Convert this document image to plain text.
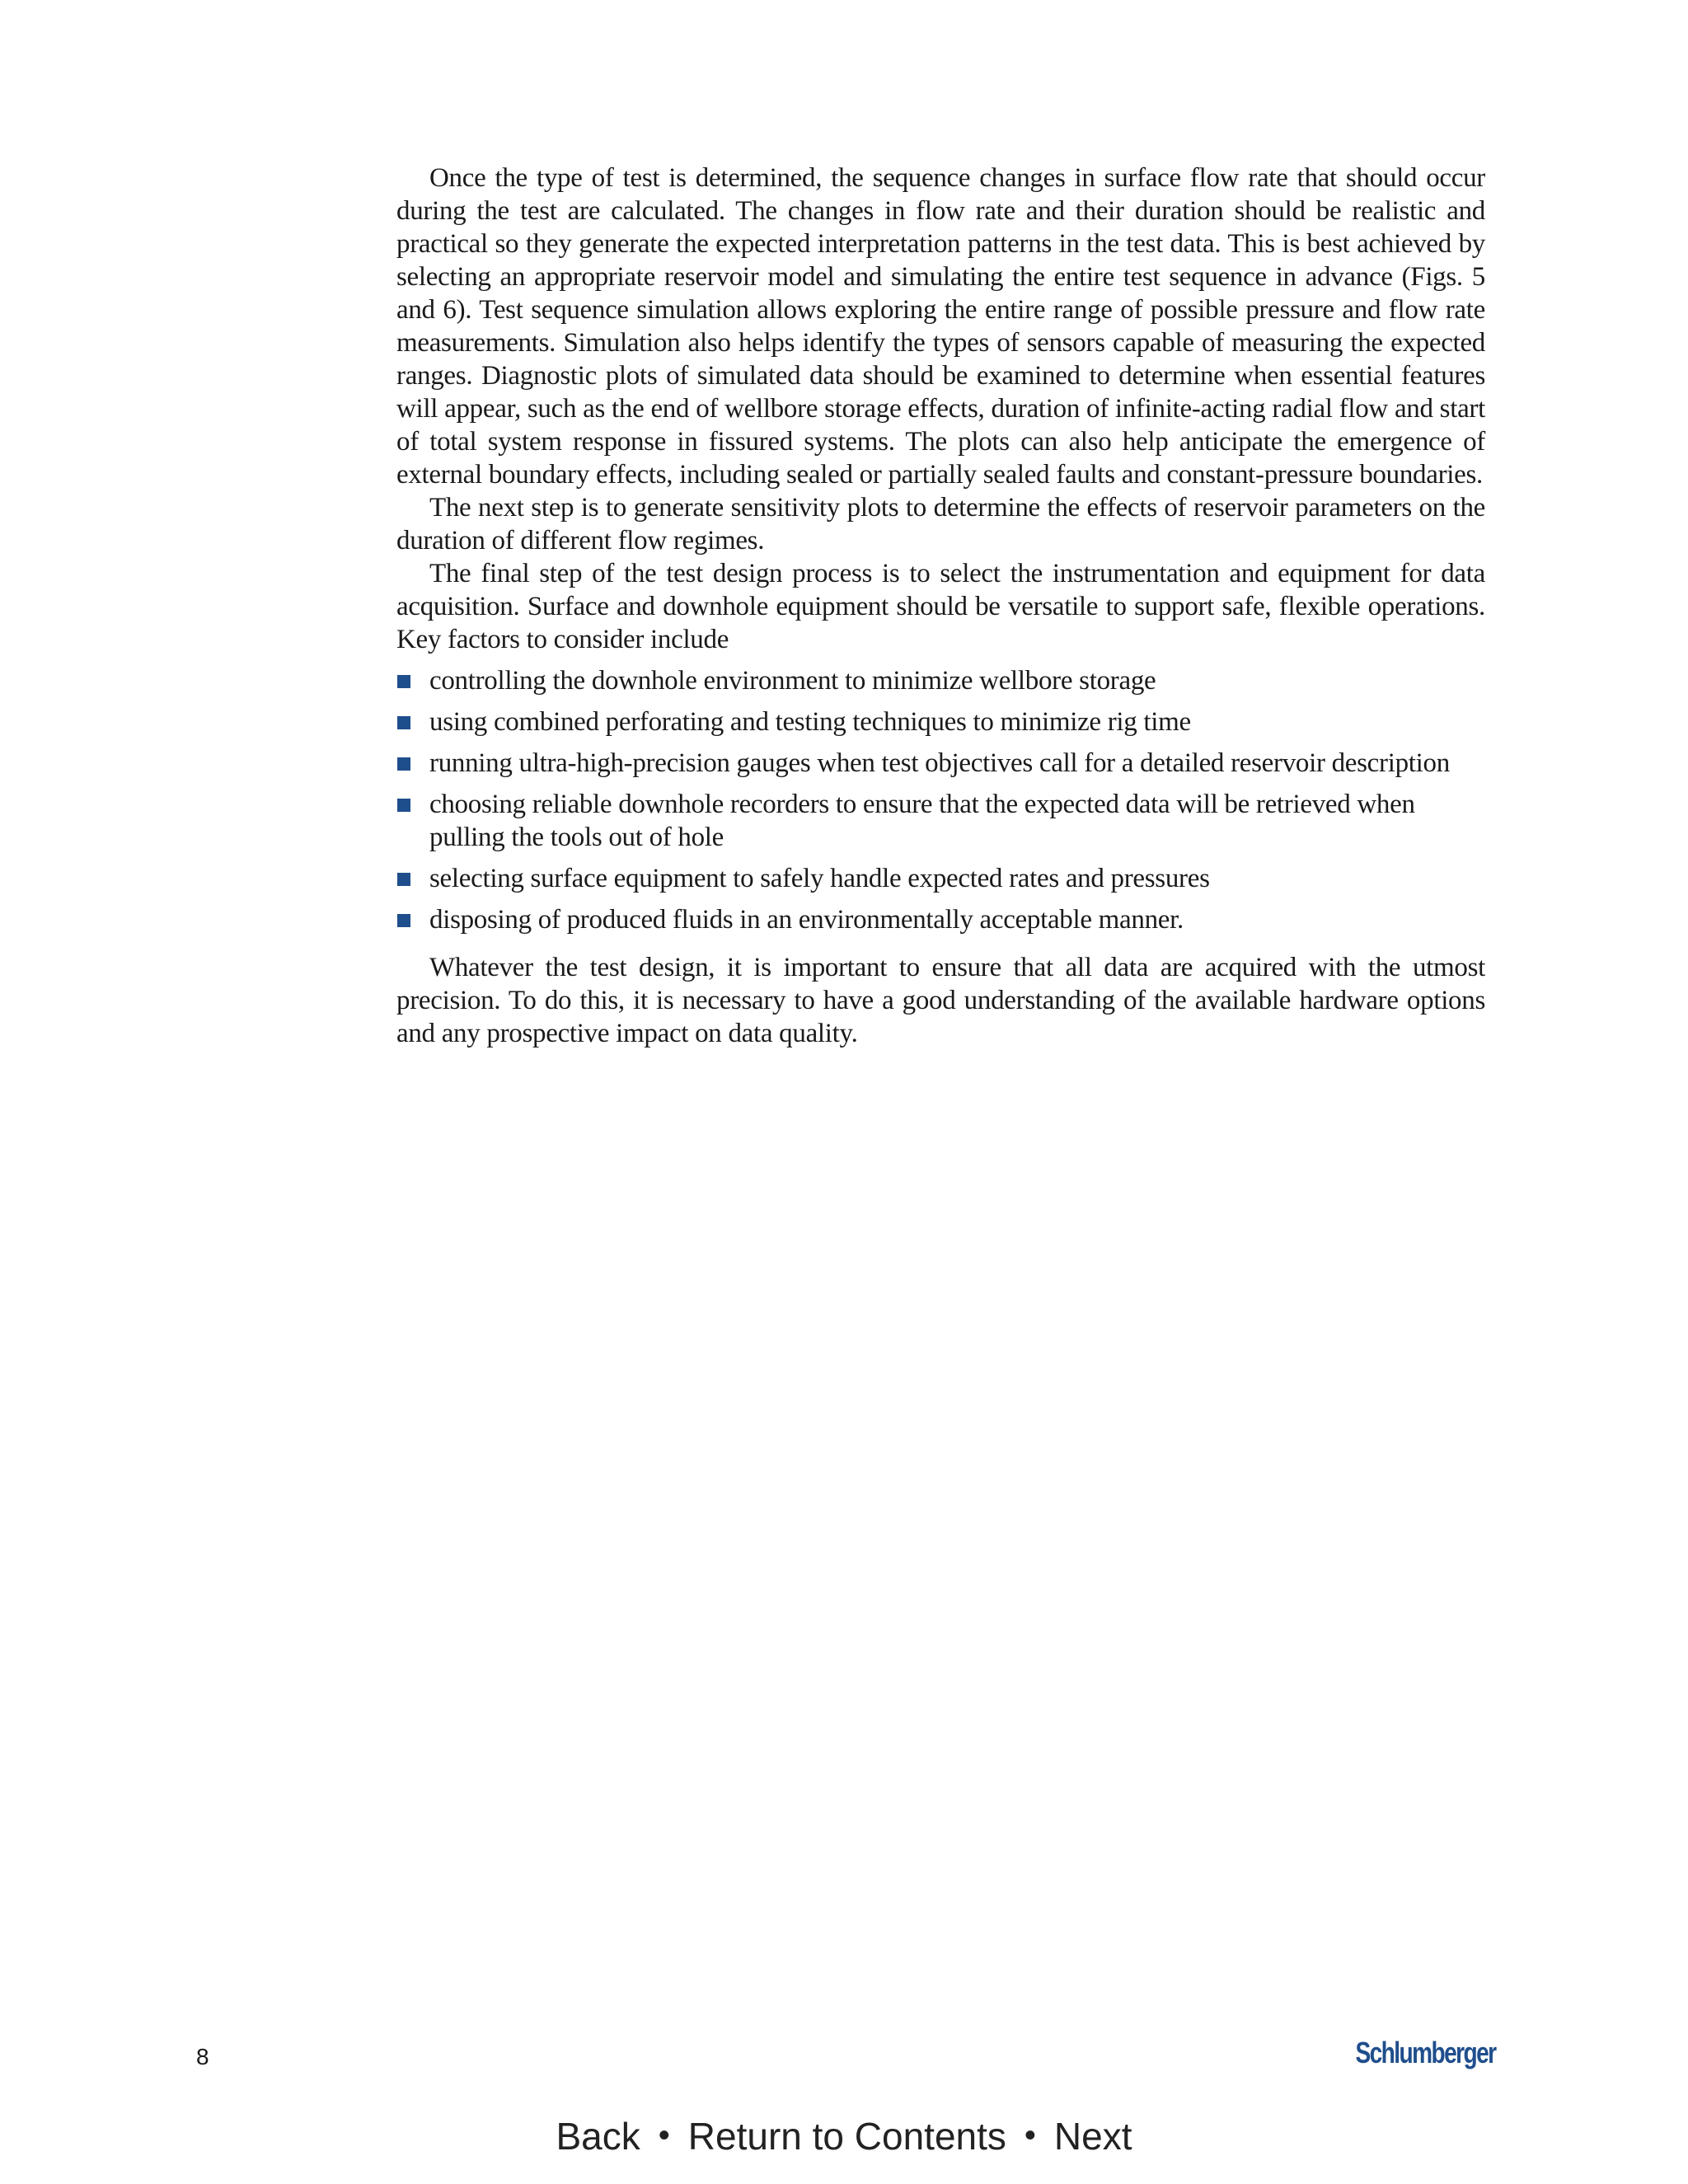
Once the type of test is determined, the sequence changes in surface flow rate that should occur during the test are calculated. The changes in flow rate and their duration should be realistic and practical so they generate the expected interpretation patterns in the test data. This is best achieved by selecting an appropriate reservoir model and simulating the entire test sequence in advance (Figs. 5 and 6). Test sequence simulation allows exploring the entire range of possible pressure and flow rate measurements. Simulation also helps identify the types of sensors capable of measuring the expected ranges. Diagnostic plots of simulated data should be examined to determine when essential features will appear, such as the end of wellbore storage effects, duration of infinite-acting radial flow and start of total system response in fissured systems. The plots can also help anticipate the emergence of external boundary effects, including sealed or partially sealed faults and constant-pressure boundaries.

The next step is to generate sensitivity plots to determine the effects of reservoir parameters on the duration of different flow regimes.

The final step of the test design process is to select the instrumentation and equipment for data acquisition. Surface and downhole equipment should be versatile to support safe, flexible operations. Key factors to consider include

controlling the downhole environment to minimize wellbore storage
using combined perforating and testing techniques to minimize rig time
running ultra-high-precision gauges when test objectives call for a detailed reservoir description
choosing reliable downhole recorders to ensure that the expected data will be retrieved when pulling the tools out of hole
selecting surface equipment to safely handle expected rates and pressures
disposing of produced fluids in an environmentally acceptable manner.

Whatever the test design, it is important to ensure that all data are acquired with the utmost precision. To do this, it is necessary to have a good understanding of the available hardware options and any prospective impact on data quality.

8	Schlumberger
Back • Return to Contents • Next
